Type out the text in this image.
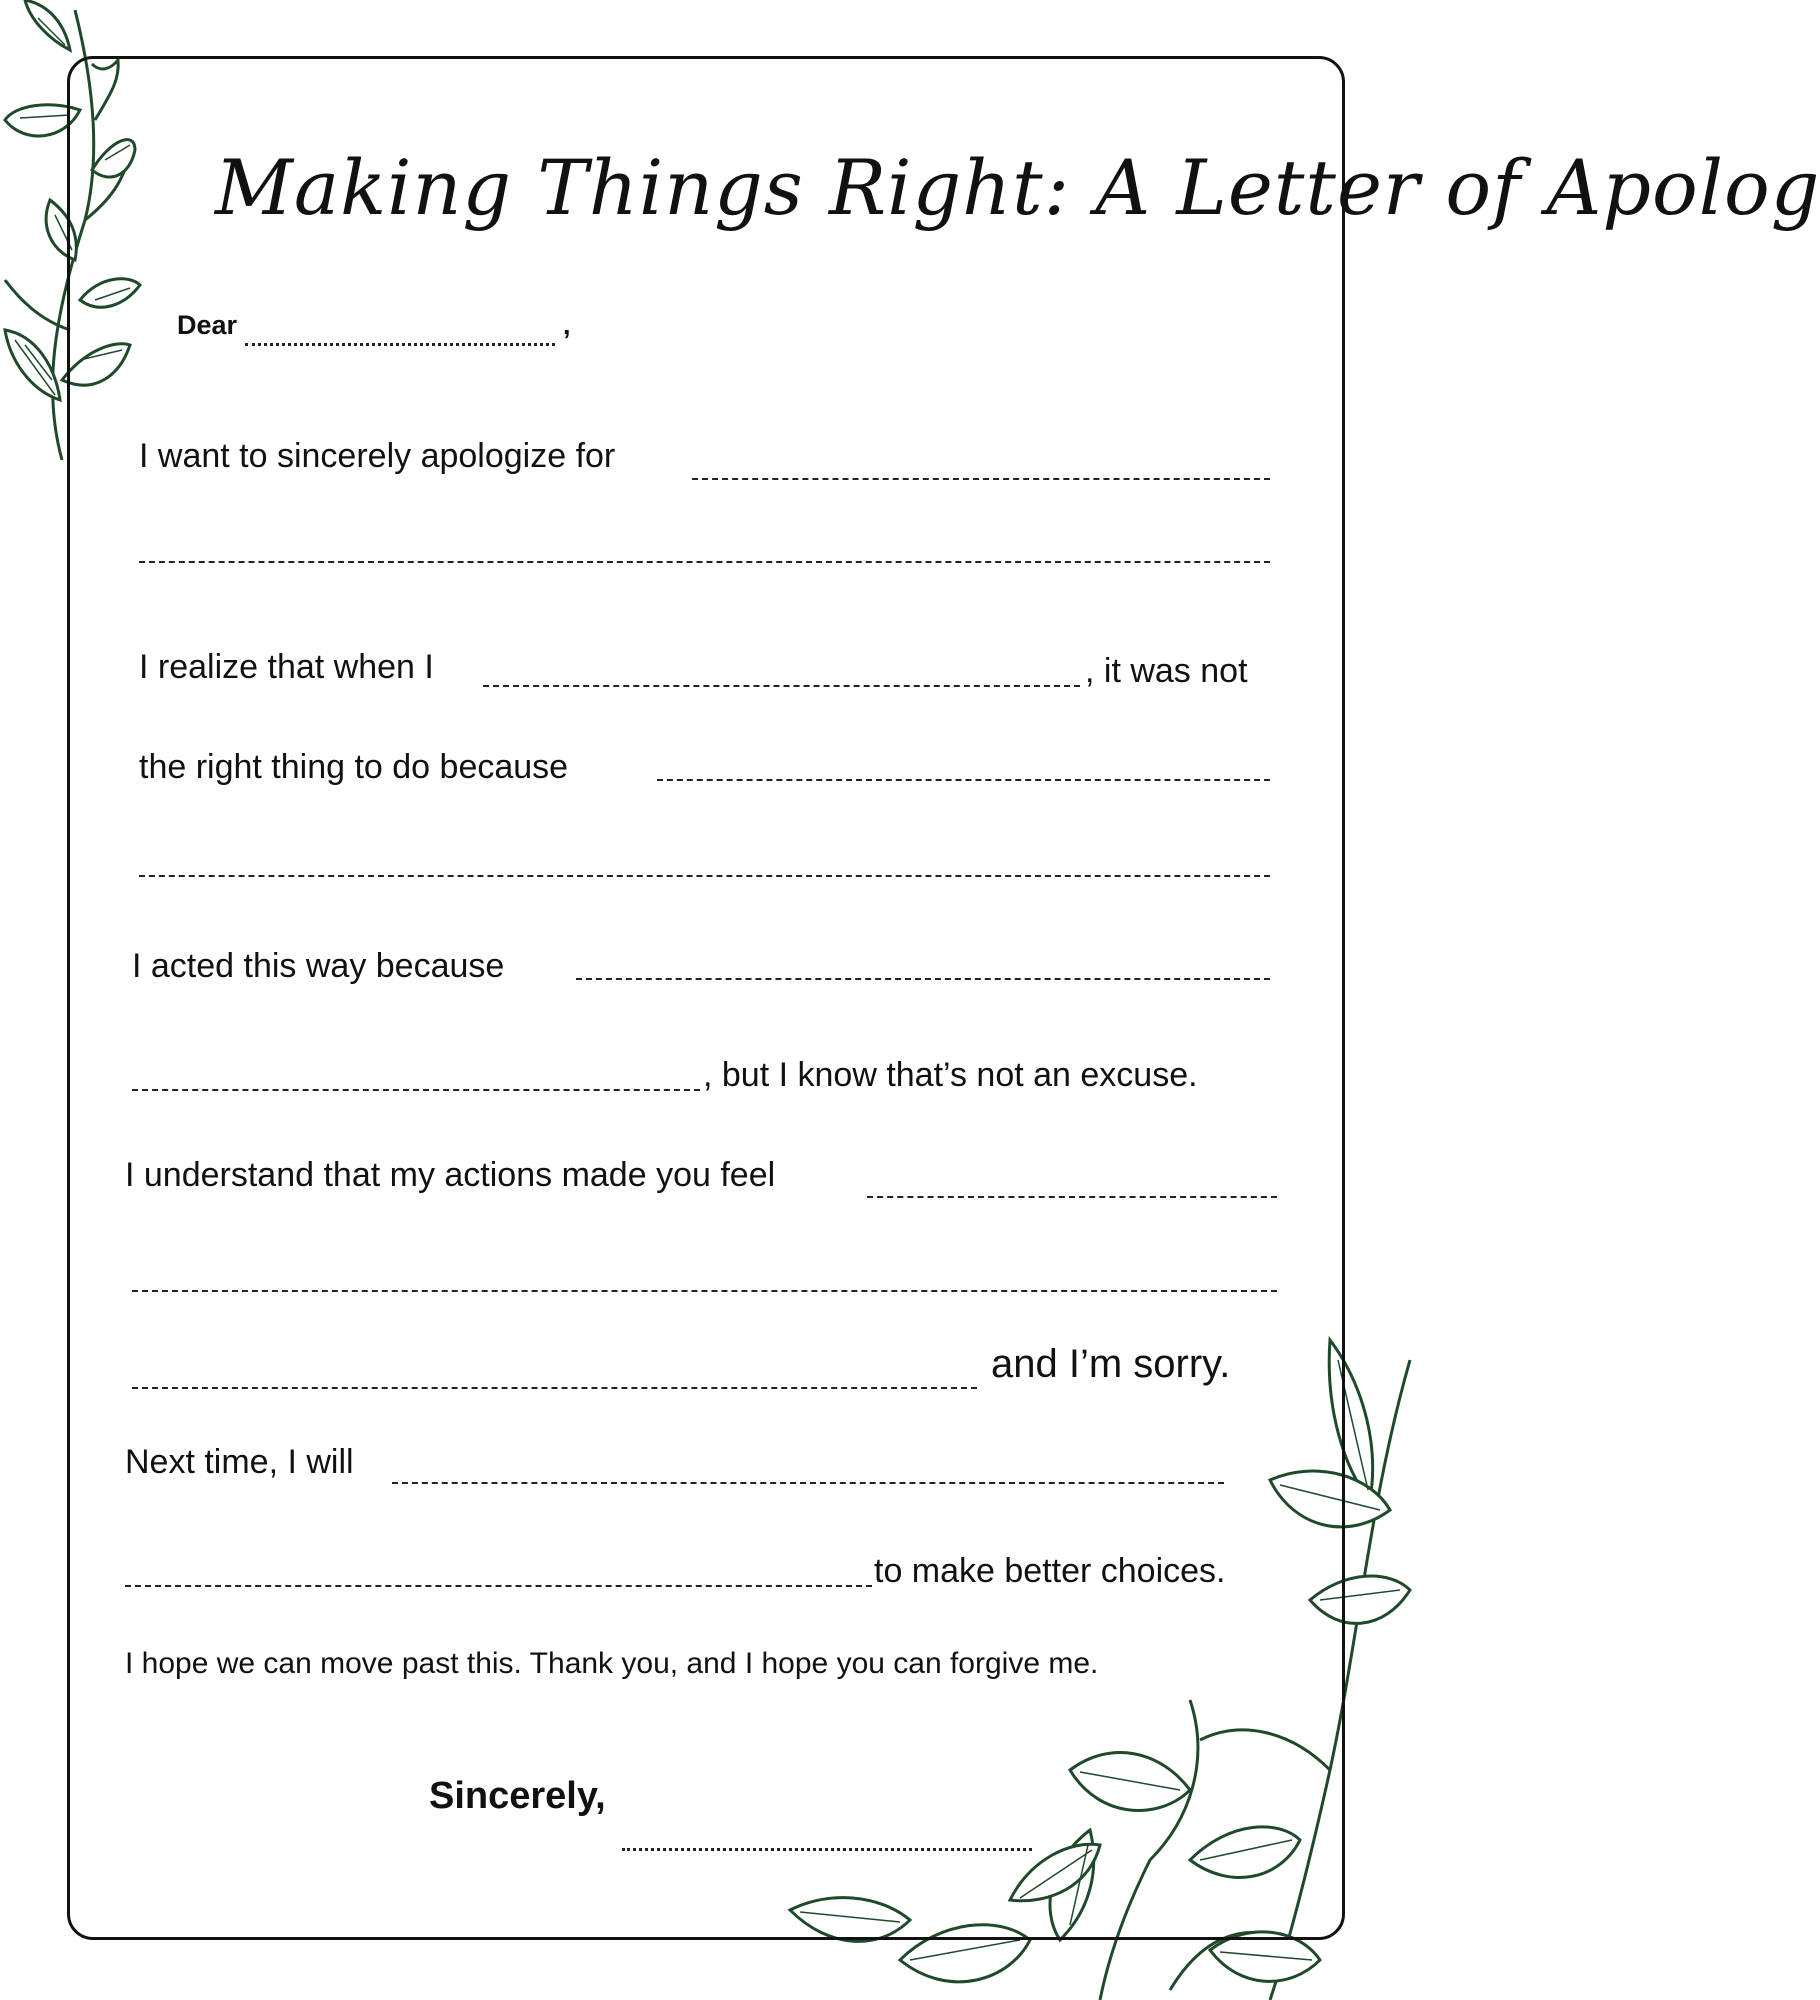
Making Things Right: A Letter of Apolog
Dear	,
I want to sincerely apologize for
I realize that when I	, it was not
the right thing to do because
I acted this way because
, but I know that’s not an excuse.
I understand that my actions made you feel
and I’m sorry.
Next time, I will
to make better choices.
I hope we can move past this. Thank you, and I hope you can forgive me.
Sincerely,
